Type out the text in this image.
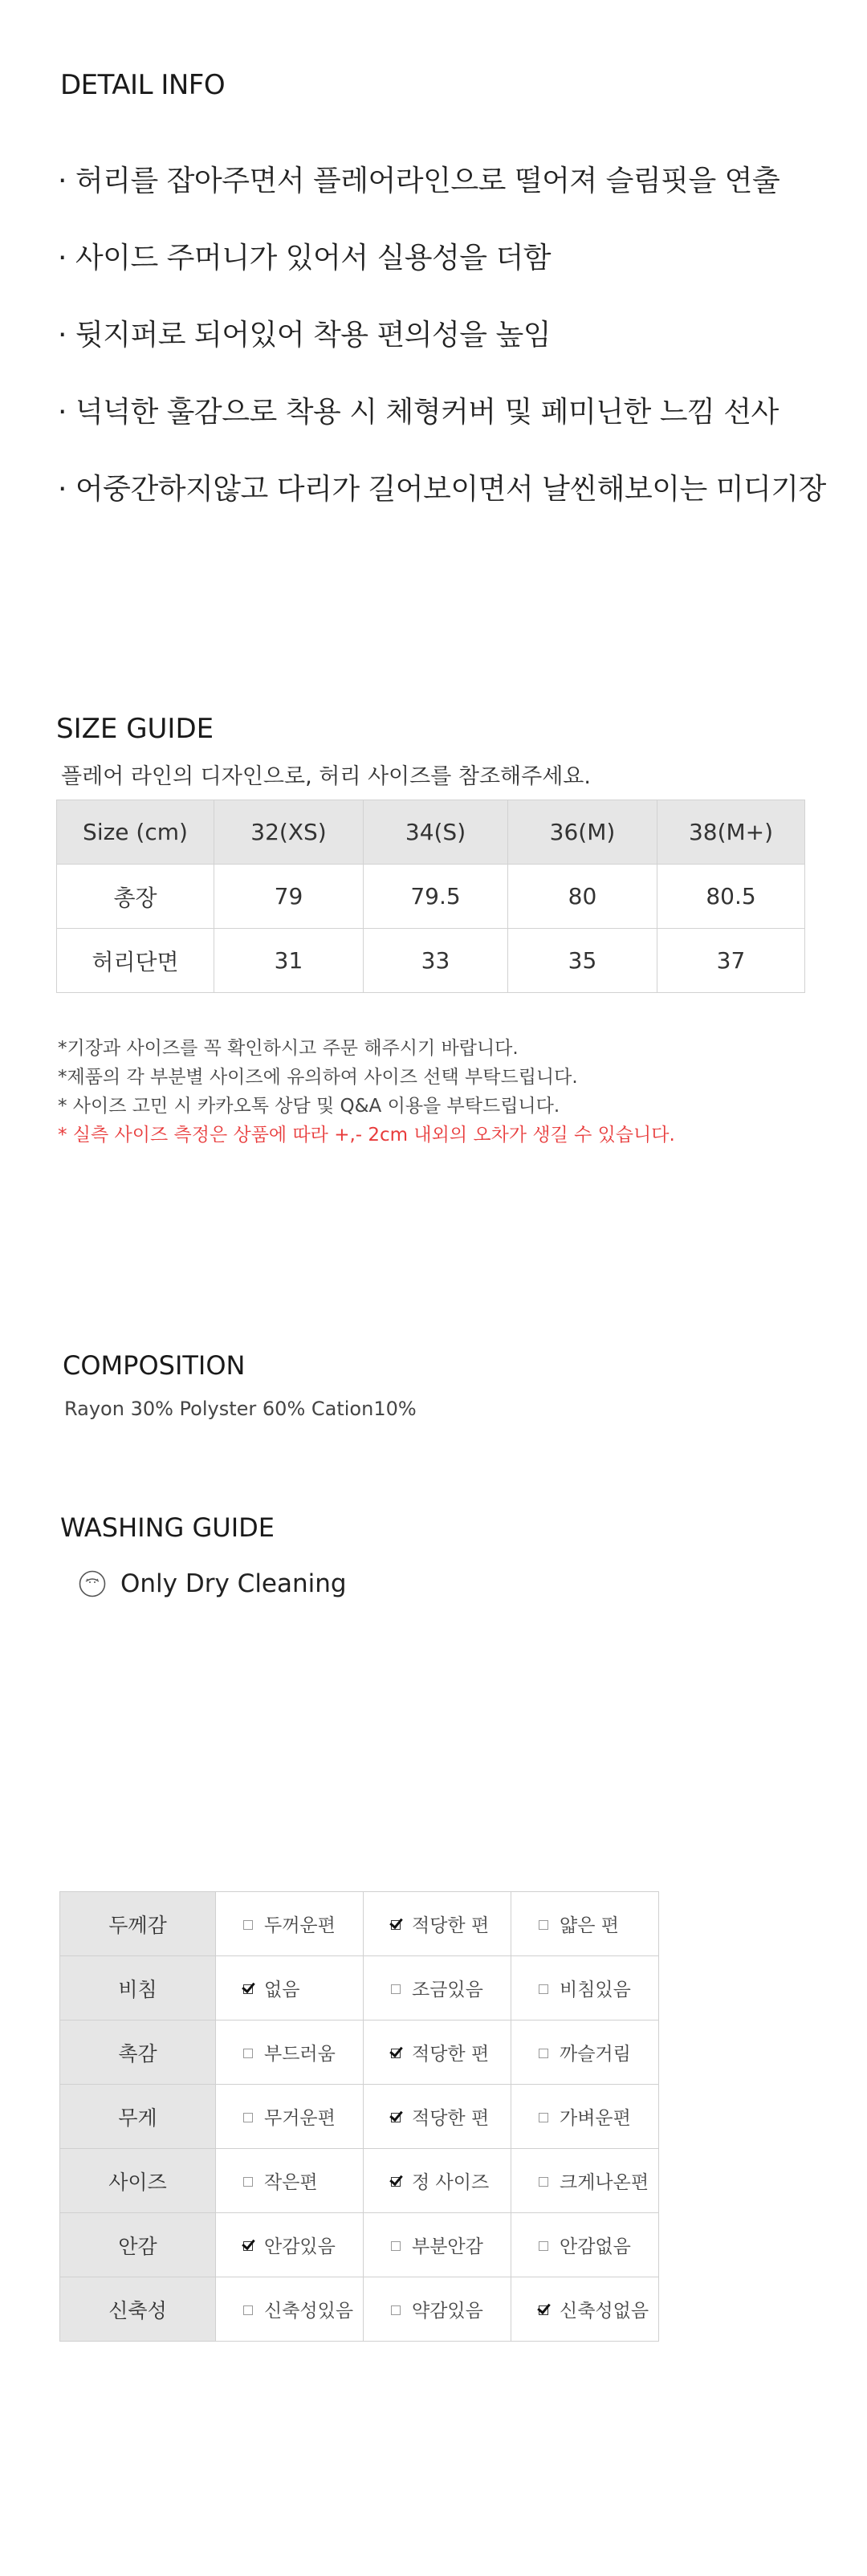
DETAIL INFO
· 허리를 잡아주면서 플레어라인으로 떨어져 슬림핏을 연출
· 사이드 주머니가 있어서 실용성을 더함
· 뒷지퍼로 되어있어 착용 편의성을 높임
· 넉넉한 훌감으로 착용 시 체형커버 및 페미닌한 느낌 선사
· 어중간하지않고 다리가 길어보이면서 날씬해보이는 미디기장
SIZE GUIDE
플레어 라인의 디자인으로, 허리 사이즈를 참조해주세요.
Size (cm)	32(XS)	34(S)	36(M)	38(M+)
총장	79	79.5	80	80.5
허리단면	31	33	35	37
*기장과 사이즈를 꼭 확인하시고 주문 해주시기 바랍니다.
*제품의 각 부분별 사이즈에 유의하여 사이즈 선택 부탁드립니다.
* 사이즈 고민 시 카카오톡 상담 및 Q&A 이용을 부탁드립니다.
* 실측 사이즈 측정은 상품에 따라 +,- 2cm 내외의 오차가 생길 수 있습니다.
COMPOSITION
Rayon 30% Polyster 60% Cation10%
WASHING GUIDE
Only Dry Cleaning
두께감	두꺼운편	적당한 편	얇은 편
비침	없음	조금있음	비침있음
촉감	부드러움	적당한 편	까슬거림
무게	무거운편	적당한 편	가벼운편
사이즈	작은편	정 사이즈	크게나온편
안감	안감있음	부분안감	안감없음
신축성	신축성있음	약감있음	신축성없음
